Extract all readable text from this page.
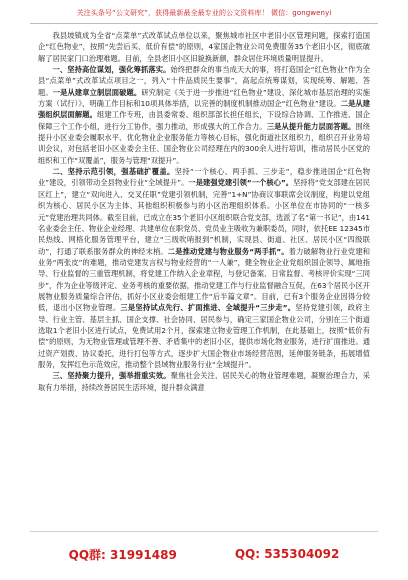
关注头条号“公文研究”，获得最新最全最专业的公文资料库！ 微信：gongwenyi

我县坡镇成为全省“点菜单”式改革试点单位以来，聚焦城市社区中老旧小区管理问题，探索打造国企“红色物业”，按照“先尝后买、低价有偿”的原则，4家国企物业公司免费服务35个老旧小区，彻底破解了居民家门口治理难题。目前，全县老旧小区旧貌换新颜，群众居住环境质量明显提升。

一、坚持高位谋划，强化筹抓落实。始终把群众的事当成天大的事，将打造国企“红色物业”作为全县“点菜单”式改革试点项目之一，列入“十件品质民生要事”，高起点统筹谋划，实现统筹、解题、答题。一是从建章立制层面破题。研究制定《关于进一步推进“红色物业”建设、深化城市基层治理的实施方案（试行）》，明确工作目标和10项具体举措，以完善的制度机制推动国企“红色物业”建设。二是从建强组织层面解题。组建工作专班，由县委常委、组织部部长担任组长，下设综合协调、工作推进、国企保障三个工作小组，进行分工协作，强力推动，形成强大的工作合力。三是从提升能力层面答题。围绕提升小区业委会履职水平、优化物业企业服务能力等核心目标，强化街道社区组织力，组织召开业务培训会议，对包括老旧小区业委会主任、国企物业公司经理在内的300余人进行培训，推动居民小区党的组织和工作“双覆盖”，服务与管理“双提升”。

二、坚持示范引领，强基础扩覆盖。坚持“一个核心、两手抓、三步走”，稳步推进国企“红色物业”建设，引领带动全县物业行业“全域提升”。一是建强党建引领“一个核心”。坚持将“党支部建在居民区红上”，建立“双向进入、交叉任职”党建引领机制，完善“1+N”协商议事联席会议制度，构建以党组织为核心、居民小区为主体、其他组织积极参与的小区治理组织体系。小区单位在市协同的“一核多元”党建治理共同体。截至目前，已成立在35个老旧小区组织联合党支部，选派了名“第一书记”，由141名业委会主任、物业企业经理、共建单位在职党员、党员业主吸收为兼职委员，同时，依托EE 12345市民热线、网格化服务管理平台，建立“三级吹哨报到”机制，实现县、街道、社区、居民小区“四级联动”，打通了联系服务群众的神经末梢。二是推动党建与物业服务“两手抓”。着力破解物业行业党建和业务“两张皮”的难题，推动党建发言权与物业经营的“一人兼”，健全物业企业党组织国企领导、属地指导、行业监督的三重管理机制，将党建工作纳入企业章程，与登记备案、日常监督、考核评价实现“三同步”，作为企业等级评定、业务考核的重要依据，推动党建工作与行业监督融合互促，在63个居民小区开展物业服务质量综合评估，抓好小区业委会组建工作“后半篇文章”。目前，已有3个服务企业因得分较低，退出小区物业管理。三是坚持试点先行、扩面推进、全域提升“三步走”。坚持党建引领，政府主导、行业主管、基层主抓、国企支撑、社会协同、居民参与，确定三家国企物业公司，分别在三个街道选取1个老旧小区进行试点，免费试用2个月，探索建立物业管理工作机制，在此基础上，按照“低价有偿”的原则，为无物业管理或管理不善、矛盾集中的老旧小区，提供市场化物业服务，进行扩面推进。通过资产划拨、协议委托，进行打包等方式，逐步扩大国企物业市场经营范围，延伸服务链条，拓展增值服务，发挥红色示范效应，推动整个县域物业服务行业“全域提升”。

三、坚持聚力提升，强举措重实效。聚焦社会关注、居民关心的物业管理难题，凝聚治理合力，采取有力举措，持续改善居民生活环境，提升群众满意

QQ群: 31991489	QQ: 535304092
